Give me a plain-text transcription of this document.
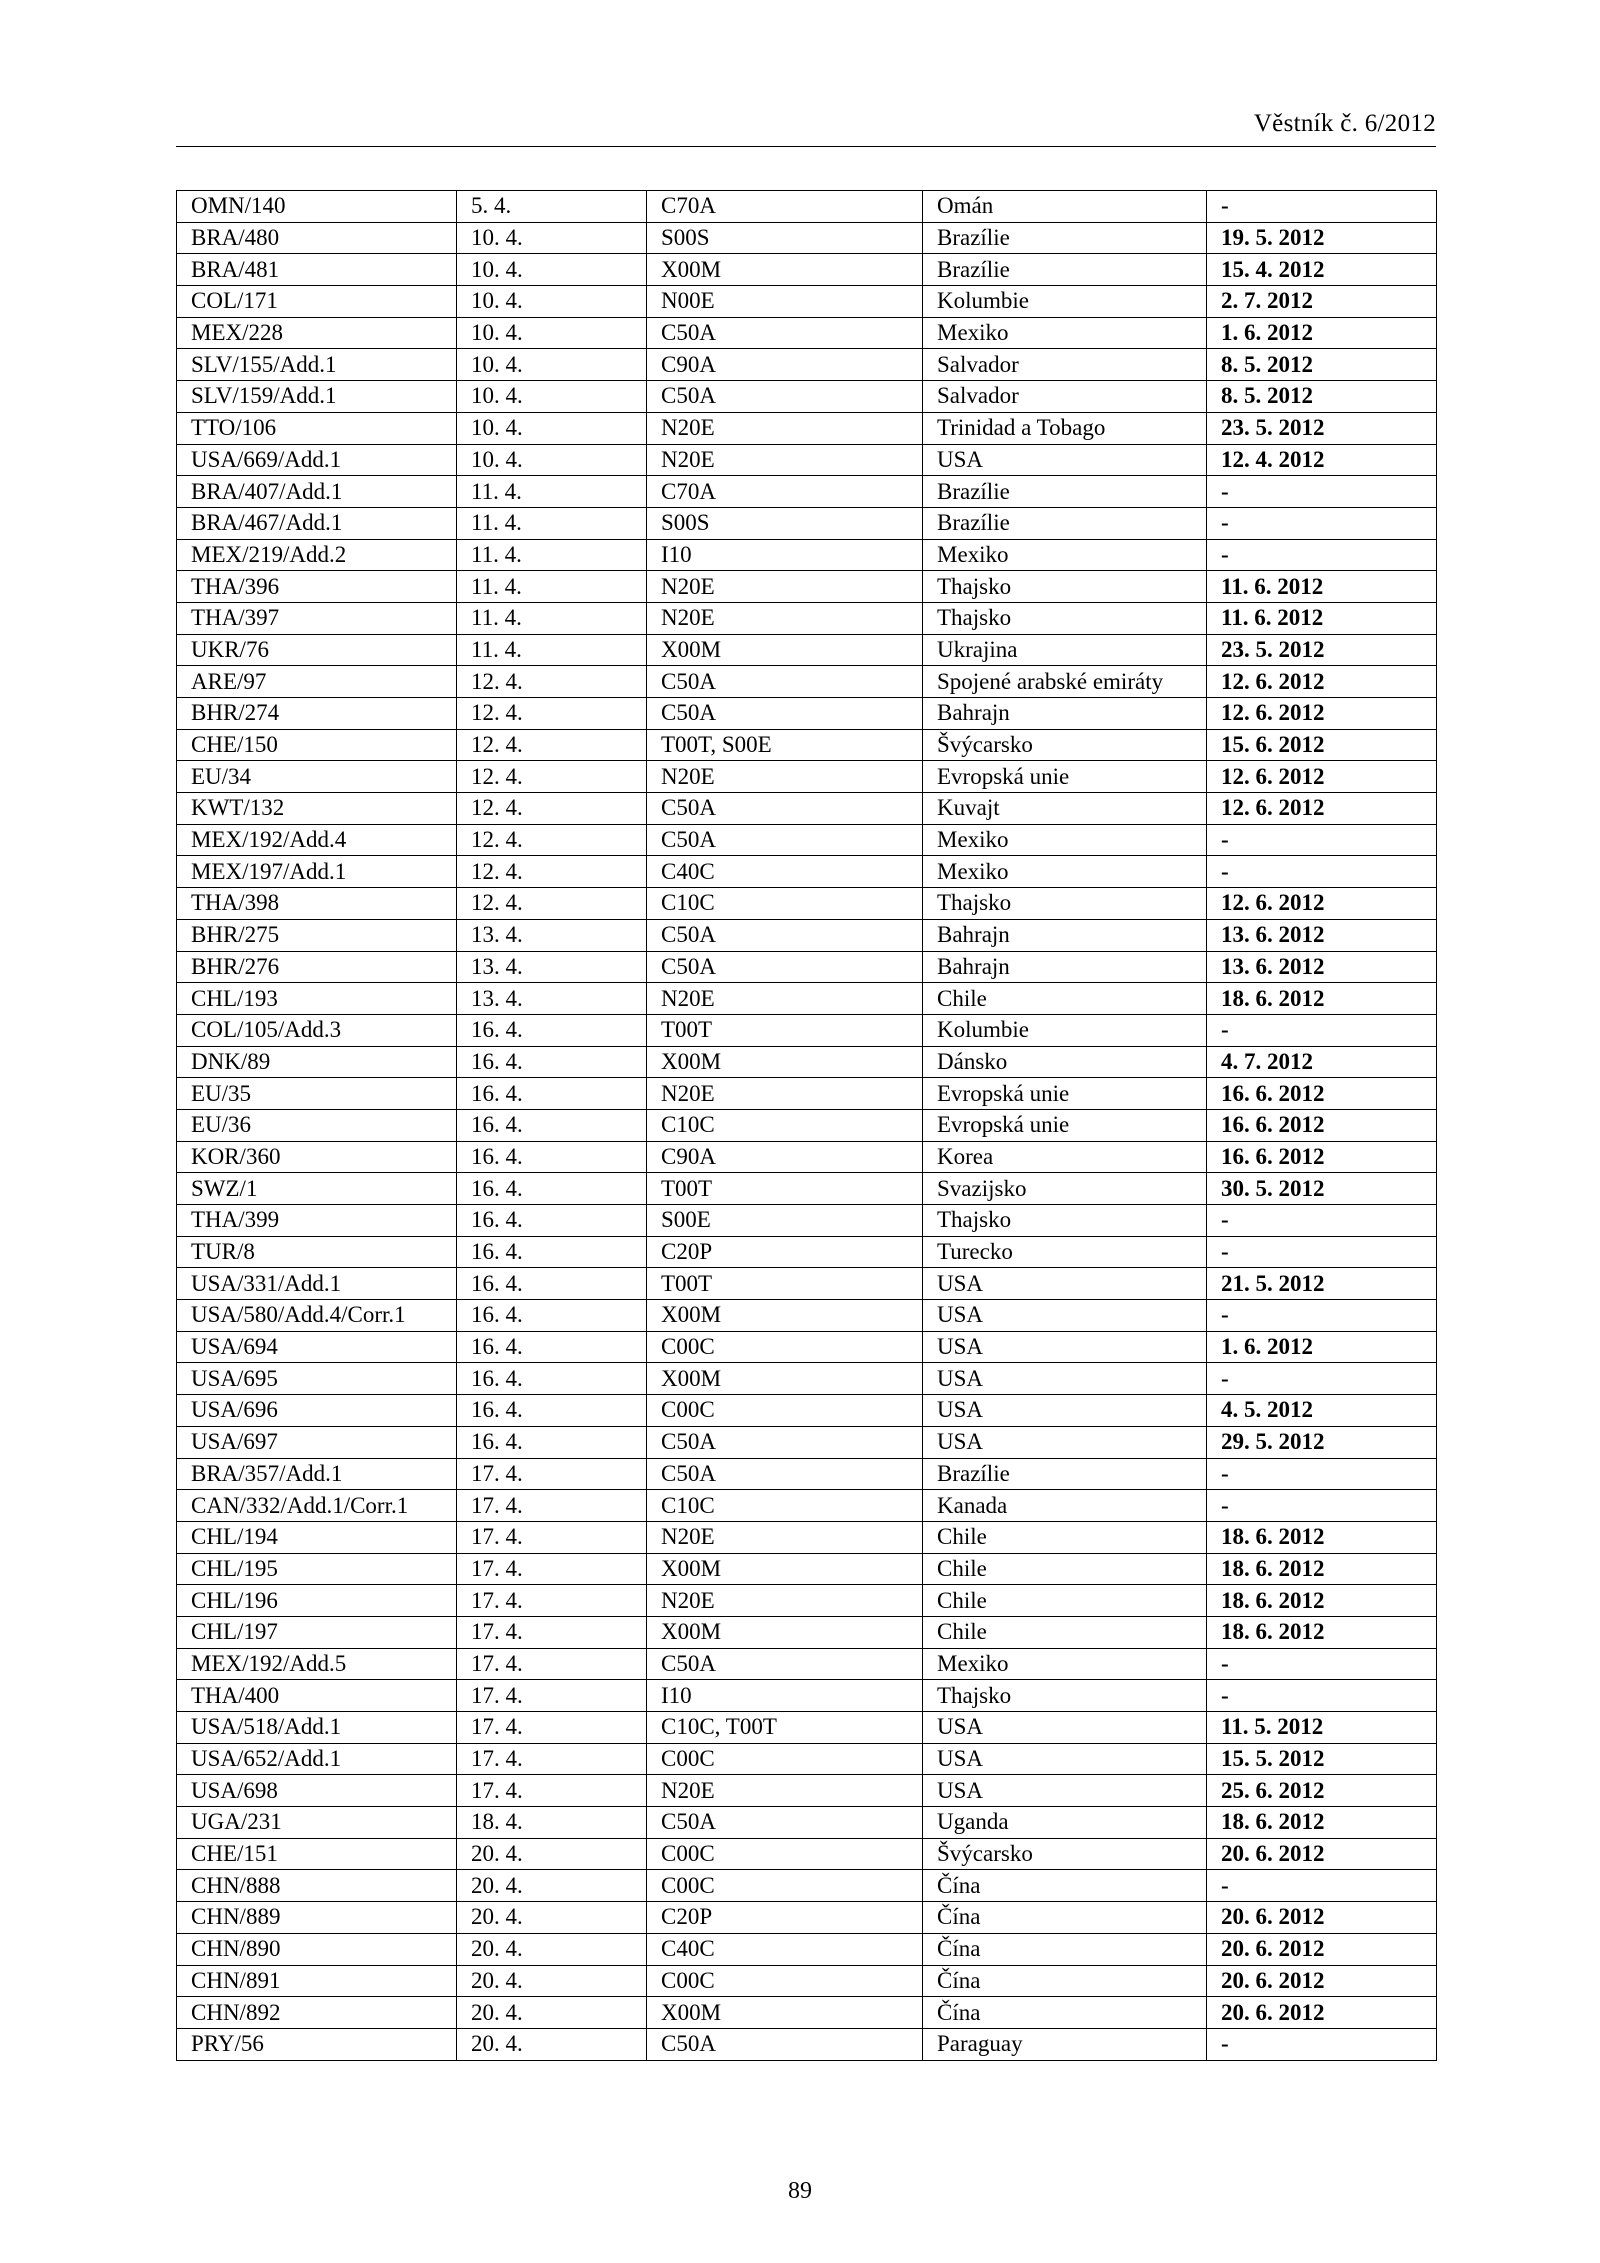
Věstník č. 6/2012
OMN/140	5. 4.	C70A	Omán	-
BRA/480	10. 4.	S00S	Brazílie	19. 5. 2012
BRA/481	10. 4.	X00M	Brazílie	15. 4. 2012
COL/171	10. 4.	N00E	Kolumbie	2. 7. 2012
MEX/228	10. 4.	C50A	Mexiko	1. 6. 2012
SLV/155/Add.1	10. 4.	C90A	Salvador	8. 5. 2012
SLV/159/Add.1	10. 4.	C50A	Salvador	8. 5. 2012
TTO/106	10. 4.	N20E	Trinidad a Tobago	23. 5. 2012
USA/669/Add.1	10. 4.	N20E	USA	12. 4. 2012
BRA/407/Add.1	11. 4.	C70A	Brazílie	-
BRA/467/Add.1	11. 4.	S00S	Brazílie	-
MEX/219/Add.2	11. 4.	I10	Mexiko	-
THA/396	11. 4.	N20E	Thajsko	11. 6. 2012
THA/397	11. 4.	N20E	Thajsko	11. 6. 2012
UKR/76	11. 4.	X00M	Ukrajina	23. 5. 2012
ARE/97	12. 4.	C50A	Spojené arabské emiráty	12. 6. 2012
BHR/274	12. 4.	C50A	Bahrajn	12. 6. 2012
CHE/150	12. 4.	T00T, S00E	Švýcarsko	15. 6. 2012
EU/34	12. 4.	N20E	Evropská unie	12. 6. 2012
KWT/132	12. 4.	C50A	Kuvajt	12. 6. 2012
MEX/192/Add.4	12. 4.	C50A	Mexiko	-
MEX/197/Add.1	12. 4.	C40C	Mexiko	-
THA/398	12. 4.	C10C	Thajsko	12. 6. 2012
BHR/275	13. 4.	C50A	Bahrajn	13. 6. 2012
BHR/276	13. 4.	C50A	Bahrajn	13. 6. 2012
CHL/193	13. 4.	N20E	Chile	18. 6. 2012
COL/105/Add.3	16. 4.	T00T	Kolumbie	-
DNK/89	16. 4.	X00M	Dánsko	4. 7. 2012
EU/35	16. 4.	N20E	Evropská unie	16. 6. 2012
EU/36	16. 4.	C10C	Evropská unie	16. 6. 2012
KOR/360	16. 4.	C90A	Korea	16. 6. 2012
SWZ/1	16. 4.	T00T	Svazijsko	30. 5. 2012
THA/399	16. 4.	S00E	Thajsko	-
TUR/8	16. 4.	C20P	Turecko	-
USA/331/Add.1	16. 4.	T00T	USA	21. 5. 2012
USA/580/Add.4/Corr.1	16. 4.	X00M	USA	-
USA/694	16. 4.	C00C	USA	1. 6. 2012
USA/695	16. 4.	X00M	USA	-
USA/696	16. 4.	C00C	USA	4. 5. 2012
USA/697	16. 4.	C50A	USA	29. 5. 2012
BRA/357/Add.1	17. 4.	C50A	Brazílie	-
CAN/332/Add.1/Corr.1	17. 4.	C10C	Kanada	-
CHL/194	17. 4.	N20E	Chile	18. 6. 2012
CHL/195	17. 4.	X00M	Chile	18. 6. 2012
CHL/196	17. 4.	N20E	Chile	18. 6. 2012
CHL/197	17. 4.	X00M	Chile	18. 6. 2012
MEX/192/Add.5	17. 4.	C50A	Mexiko	-
THA/400	17. 4.	I10	Thajsko	-
USA/518/Add.1	17. 4.	C10C, T00T	USA	11. 5. 2012
USA/652/Add.1	17. 4.	C00C	USA	15. 5. 2012
USA/698	17. 4.	N20E	USA	25. 6. 2012
UGA/231	18. 4.	C50A	Uganda	18. 6. 2012
CHE/151	20. 4.	C00C	Švýcarsko	20. 6. 2012
CHN/888	20. 4.	C00C	Čína	-
CHN/889	20. 4.	C20P	Čína	20. 6. 2012
CHN/890	20. 4.	C40C	Čína	20. 6. 2012
CHN/891	20. 4.	C00C	Čína	20. 6. 2012
CHN/892	20. 4.	X00M	Čína	20. 6. 2012
PRY/56	20. 4.	C50A	Paraguay	-
89
